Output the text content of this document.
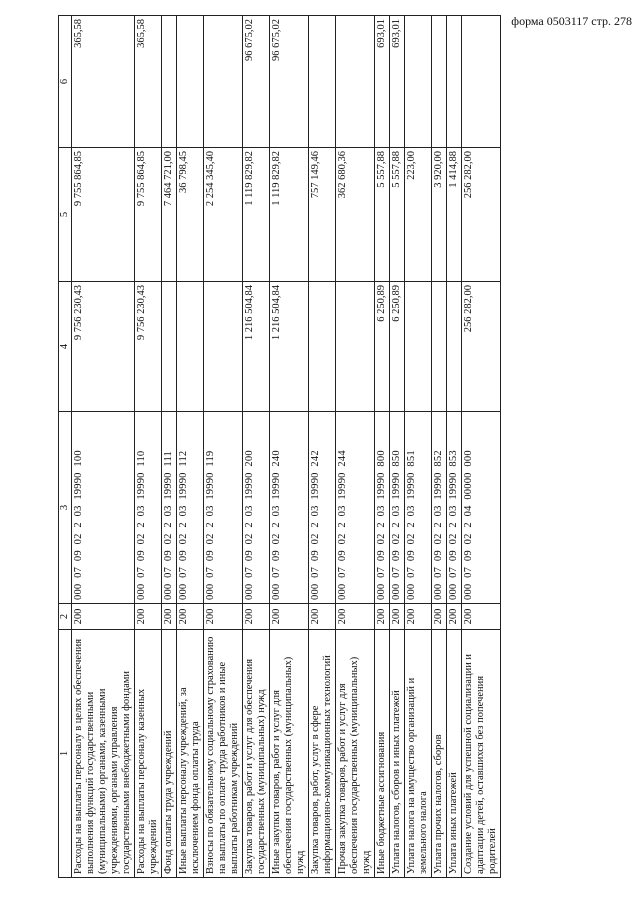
форма 0503117 стр. 278
1	2	3	4	5	6
Расходы на выплаты персоналу в целях обеспечения выполнения функций государственными (муниципальными) органами, казенными учреждениями, органами управления государственными внебюджетными фондами	200	000 07 09 02 2 03 19990 100	9 756 230,43	9 755 864,85	365,58
Расходы на выплаты персоналу казенных учреждений	200	000 07 09 02 2 03 19990 110	9 756 230,43	9 755 864,85	365,58
Фонд оплаты труда учреждений	200	000 07 09 02 2 03 19990 111		7 464 721,00	
Иные выплаты персоналу учреждений, за исключением фонда оплаты труда	200	000 07 09 02 2 03 19990 112		36 798,45	
Взносы по обязательному социальному страхованию на выплаты по оплате труда работников и иные выплаты работникам учреждений	200	000 07 09 02 2 03 19990 119		2 254 345,40	
Закупка товаров, работ и услуг для обеспечения государственных (муниципальных) нужд	200	000 07 09 02 2 03 19990 200	1 216 504,84	1 119 829,82	96 675,02
Иные закупки товаров, работ и услуг для обеспечения государственных (муниципальных) нужд	200	000 07 09 02 2 03 19990 240	1 216 504,84	1 119 829,82	96 675,02
Закупка товаров, работ, услуг в сфере информационно-коммуникационных технологий	200	000 07 09 02 2 03 19990 242		757 149,46	
Прочая закупка товаров, работ и услуг для обеспечения государственных (муниципальных) нужд	200	000 07 09 02 2 03 19990 244		362 680,36	
Иные бюджетные ассигнования	200	000 07 09 02 2 03 19990 800	6 250,89	5 557,88	693,01
Уплата налогов, сборов и иных платежей	200	000 07 09 02 2 03 19990 850	6 250,89	5 557,88	693,01
Уплата налога на имущество организаций и земельного налога	200	000 07 09 02 2 03 19990 851		223,00	
Уплата прочих налогов, сборов	200	000 07 09 02 2 03 19990 852		3 920,00	
Уплата иных платежей	200	000 07 09 02 2 03 19990 853		1 414,88	
Создание условий для успешной социализации и адаптации детей, оставшихся без попечения родителей	200	000 07 09 02 2 04 00000 000	256 282,00	256 282,00	
